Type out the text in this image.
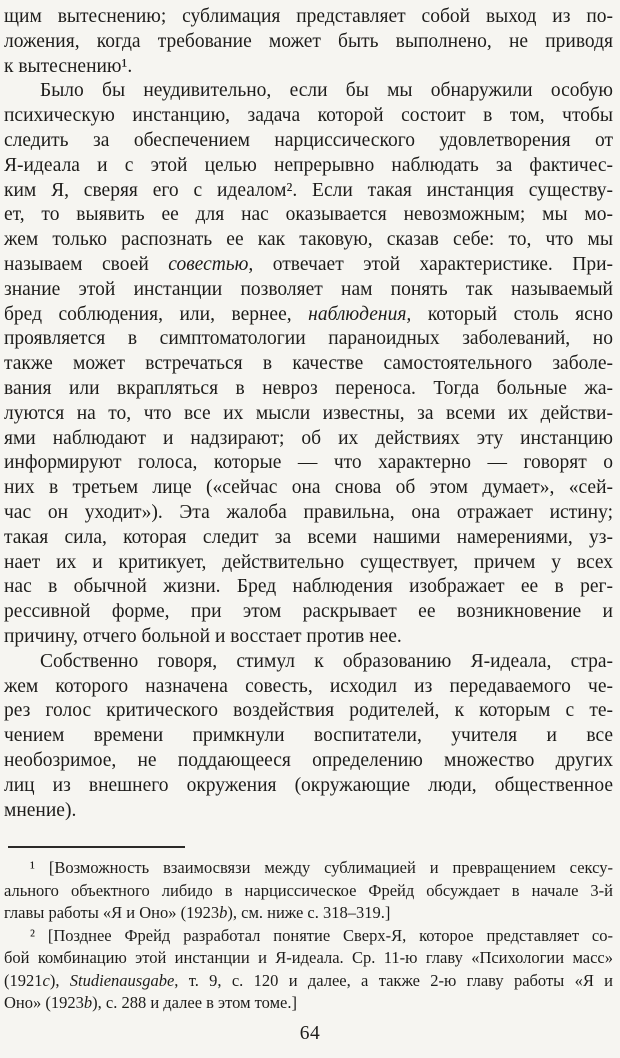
щим вытеснению; сублимация представляет собой выход из по-
ложения, когда требование может быть выполнено, не приводя
к вытеснению¹.
Было бы неудивительно, если бы мы обнаружили особую
психическую инстанцию, задача которой состоит в том, чтобы
следить за обеспечением нарциссического удовлетворения от
Я-идеала и с этой целью непрерывно наблюдать за фактичес-
ким Я, сверяя его с идеалом². Если такая инстанция существу-
ет, то выявить ее для нас оказывается невозможным; мы мо-
жем только распознать ее как таковую, сказав себе: то, что мы
называем своей совестью, отвечает этой характеристике. При-
знание этой инстанции позволяет нам понять так называемый
бред соблюдения, или, вернее, наблюдения, который столь ясно
проявляется в симптоматологии параноидных заболеваний, но
также может встречаться в качестве самостоятельного заболе-
вания или вкрапляться в невроз переноса. Тогда больные жа-
луются на то, что все их мысли известны, за всеми их действи-
ями наблюдают и надзирают; об их действиях эту инстанцию
информируют голоса, которые — что характерно — говорят о
них в третьем лице («сейчас она снова об этом думает», «сей-
час он уходит»). Эта жалоба правильна, она отражает истину;
такая сила, которая следит за всеми нашими намерениями, уз-
нает их и критикует, действительно существует, причем у всех
нас в обычной жизни. Бред наблюдения изображает ее в рег-
рессивной форме, при этом раскрывает ее возникновение и
причину, отчего больной и восстает против нее.
Собственно говоря, стимул к образованию Я-идеала, стра-
жем которого назначена совесть, исходил из передаваемого че-
рез голос критического воздействия родителей, к которым с те-
чением времени примкнули воспитатели, учителя и все
необозримое, не поддающееся определению множество других
лиц из внешнего окружения (окружающие люди, общественное
мнение).
¹ [Возможность взаимосвязи между сублимацией и превращением сексу-
ального объектного либидо в нарциссическое Фрейд обсуждает в начале 3-й
главы работы «Я и Оно» (1923b), см. ниже с. 318–319.]
² [Позднее Фрейд разработал понятие Сверх-Я, которое представляет со-
бой комбинацию этой инстанции и Я-идеала. Ср. 11-ю главу «Психологии масс»
(1921c), Studienausgabe, т. 9, с. 120 и далее, а также 2-ю главу работы «Я и
Оно» (1923b), с. 288 и далее в этом томе.]
64
